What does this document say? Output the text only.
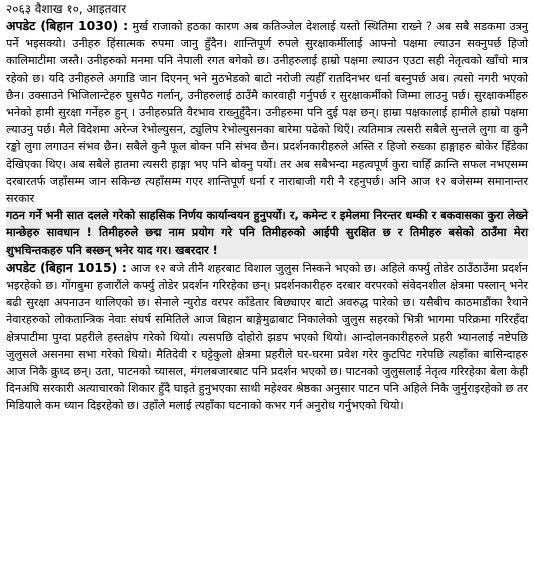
२०६३ वैशाख १०, आइतवार

अपडेट (बिहान 1030) : मुर्ख राजाको हठका कारण अब कतिञ्जेल देशलाई यस्तो स्थितिमा राख्ने ? अब सबै सडकमा उत्रनु पर्ने भइसक्यो। उनीहरु हिंसात्मक रुपमा जानु हुँदैन। शान्तिपूर्ण रुपले सुरक्षाकर्मीलाई आफ्नो पक्षमा ल्याउन सक्नुपर्छ हिजो कालिमाटीमा जस्तै। उनीहरुको मनमा पनि नेपाली रगत बगेको छ। उनीहरुलाई हाम्रो पक्षमा ल्याउन एउटा सही नेतृत्वको खाँचो मात्र रहेको छ। यदि उनीहरुले अगाडि जान दिएनन् भने मुठभेडको बाटो नरोजी त्यहीँ रातदिनभर धर्ना बस्नुपर्छ अब। त्यसो नगरी भएको छैन। उक्साउने भिजिलान्टेहरु घुसपैठ गर्लान्, उनीहरुलाई ठाउँमै कारवाही गर्नुपर्छ र सुरक्षाकर्मीको जिम्मा लाउनु पर्छ। सुरक्षाकर्मीहरु भनेको हामी सुरक्षा गर्नेहरु हुन् । उनीहरुप्रति वैरभाव राख्नुहुँदैन। उनीहरुमा पनि दुई पक्ष छन्। हाम्रा पक्षकालाई हामीले हाम्रो पक्षमा ल्याउनु पर्छ। मैले विदेशमा अरेन्ज रेभोल्युसन, ट्युलिप रेभोल्युसनका बारेमा पढेको थिएँ। त्यतिमात्र त्यसरी सबैले सुन्तले लुगा वा कुनै रङ्को लुगा लगाउन संभव छैन। सबैले कुनै फूल बोक्न पनि संभव छैन। प्रदर्शनकारीहरुले अस्ति र हिजो रुख्का हाङ्गाहरु बोकेर हिँडेका देखिएका थिए। अब सबैले हातमा त्यसरी हाङ्गा भए पनि बोक्नु पर्यो। तर अब सबैभन्दा महत्वपूर्ण कुरा चाहिँ क्रान्ति सफल नभएसम्म दरबारतर्फ जहाँसम्म जान सकिन्छ त्यहाँसम्म गएर शान्तिपूर्ण धर्ना र नाराबाजी गरी नै रहनुपर्छ। अनि आज १२ बजेसम्म समानान्तर सरकार

गठन गर्ने भनी सात दलले गरेको साहसिक निर्णय कार्यान्वयन हुनुपर्यो। र, कमेन्ट र इमेलमा निरन्तर धम्की र बकवासका कुरा लेख्ने मान्छेहरु सावधान ! तिमीहरुले छद्म नाम प्रयोग गरे पनि तिमीहरुको आईपी सुरक्षित छ र तिमीहरु बसेको ठाउँमा मेरा शुभचिन्तकहरु पनि बस्छन् भनेर याद गर। खबरदार !

अपडेट (बिहान 1015) : आज १२ बजे तीनै शहरबाट विशाल जुलुस निस्कने भएको छ। अहिले कर्फ्यु तोडेर ठाउँठाउँमा प्रदर्शन भइरहेको छ। गोंगबुमा हजारौंले कर्फ्यु तोडेर प्रदर्शन गरिरहेका छन्। प्रदर्शनकारीहरु दरबार वरपरको संवेदनशील क्षेत्रमा पस्लान् भनेर बढी सुरक्षा अपनाउन थालिएको छ। सेनाले न्युरोड वरपर काँडेतार बिछ्याएर बाटो अवरुद्ध पारेको छ। यसैबीच काठमाडौंका रैथाने नेवारहरुको लोकतान्त्रिक नेवाः संघर्ष समितिले आज बिहान बाङ्गेमुढाबाट निकालेको जुलुस सहरको भित्री भागमा परिक्रमा गरिरहँदा क्षेत्रपाटीमा पुग्दा प्रहरीले हस्तक्षेप गरेको थियो। त्यसपछि दोहोरो झडप भएको थियो। आन्दोलनकारीहरुले प्रहरी भ्यानलाई नष्टेपछि जुलुसले असनमा सभा गरेको थियो। मैतिदेवी र घट्टेकुलो क्षेत्रमा प्रहरीले घर-घरमा प्रवेश गरेर कुटपिट गरेपछि त्यहाँका बासिन्दाहरु आज निकै क्रुध्द छन्। उता, पाटनको च्यासल, मंगलबजारबाट पनि प्रदर्शन भएको छ। पाटनको जुलुसलाई नेतृत्व गरिरहेका बेला केही दिनअघि सरकारी अत्याचारको शिकार हुँदै घाइते हुनुभएका साथी महेश्वर श्रेष्ठका अनुसार पाटन पनि अहिले निकै जुर्मुराइरहेको छ तर मिडियाले कम ध्यान दिइरहेको छ। उहाँले मलाई त्यहाँका घटनाको कभर गर्न अनुरोध गर्नुभएको थियो।
